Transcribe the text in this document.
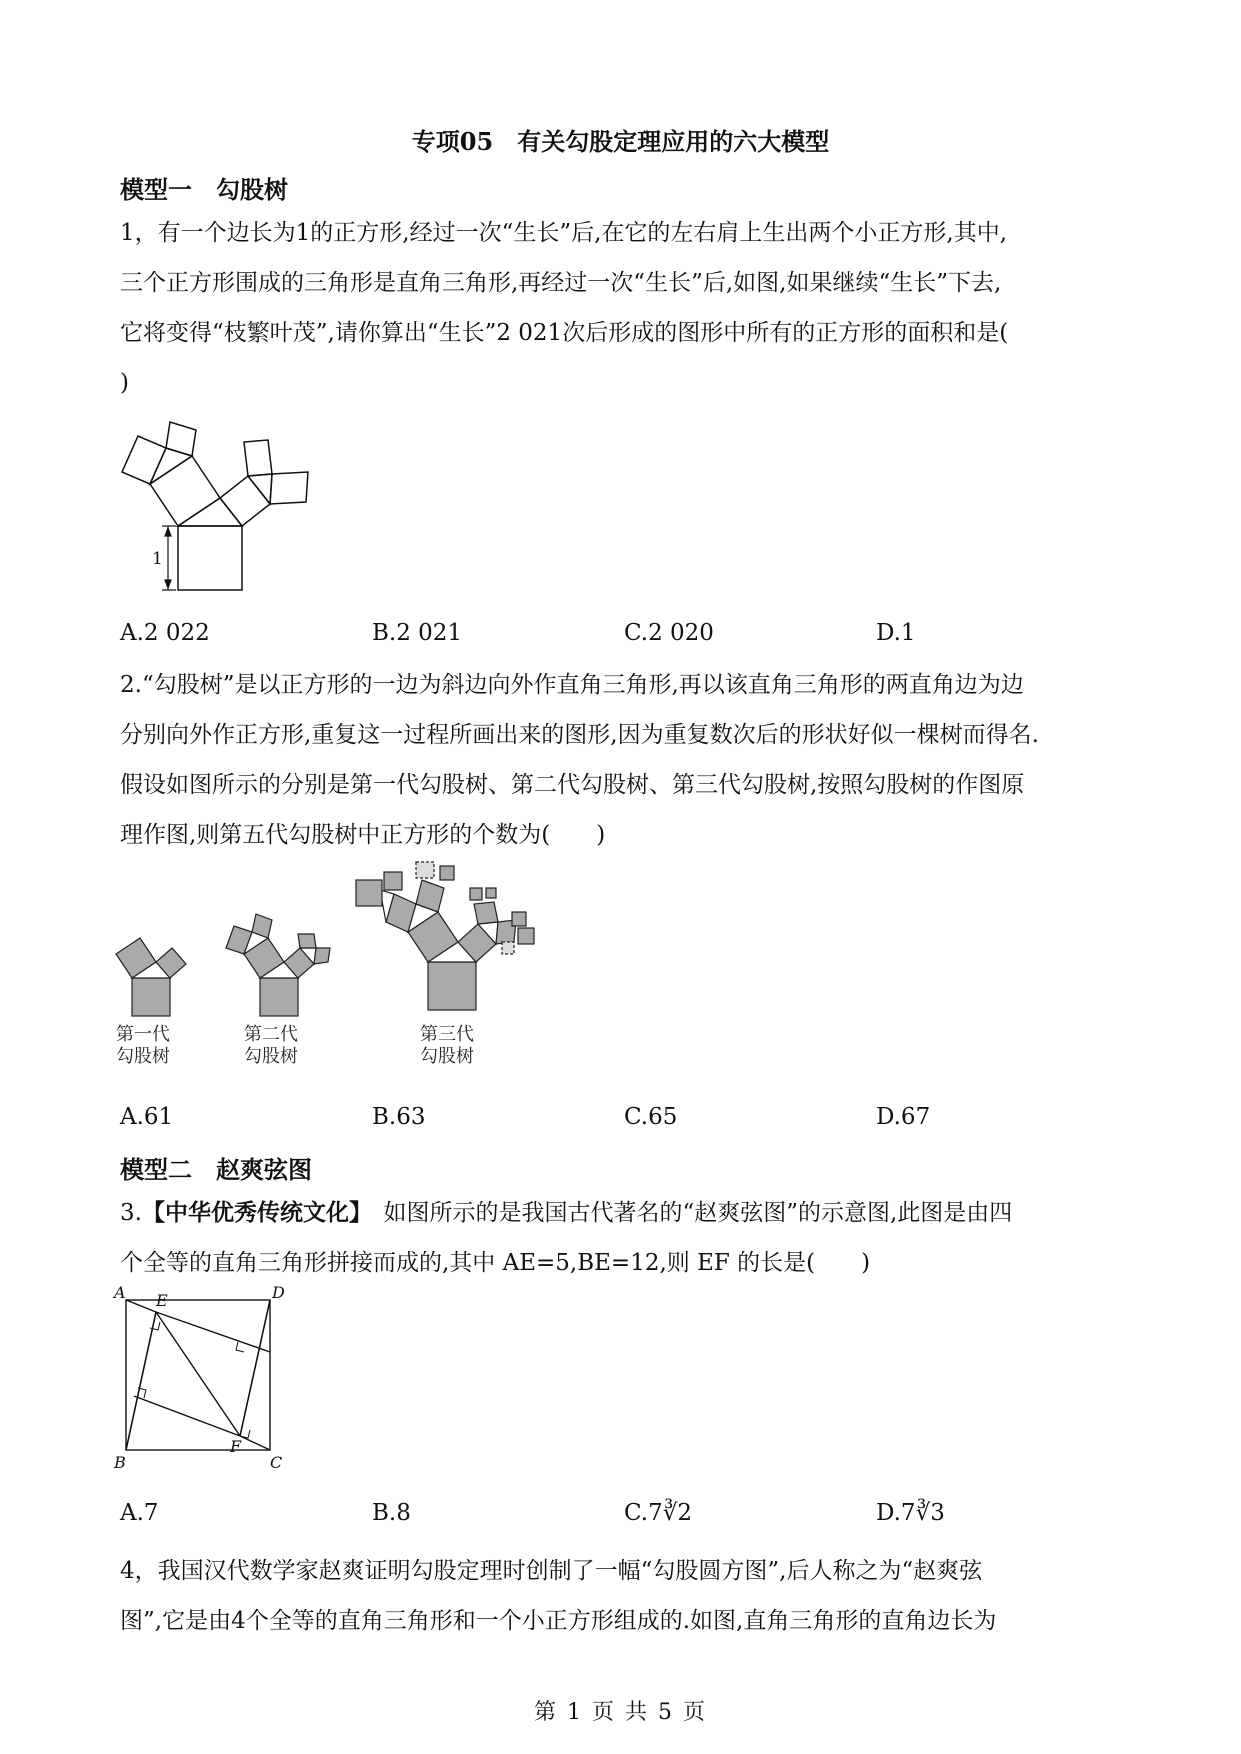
专项05　有关勾股定理应用的六大模型
模型一　勾股树
1，有一个边长为1的正方形,经过一次“生长”后,在它的左右肩上生出两个小正方形,其中,
三个正方形围成的三角形是直角三角形,再经过一次“生长”后,如图,如果继续“生长”下去,
它将变得“枝繁叶茂”,请你算出“生长”2 021次后形成的图形中所有的正方形的面积和是(
)
1
A.2 022	B.2 021	C.2 020	D.1
2.“勾股树”是以正方形的一边为斜边向外作直角三角形,再以该直角三角形的两直角边为边
分别向外作正方形,重复这一过程所画出来的图形,因为重复数次后的形状好似一棵树而得名.
假设如图所示的分别是第一代勾股树、第二代勾股树、第三代勾股树,按照勾股树的作图原
理作图,则第五代勾股树中正方形的个数为(　　)
第一代
勾股树
第二代
勾股树
第三代
勾股树
A.61	B.63	C.65	D.67
模型二　赵爽弦图
3.【中华优秀传统文化】　如图所示的是我国古代著名的“赵爽弦图”的示意图,此图是由四
个全等的直角三角形拼接而成的,其中 AE=5,BE=12,则 EF 的长是(　　)
A	D
E
B	C
F
A.7	B.8	C.7∛2	D.7∛3
4，我国汉代数学家赵爽证明勾股定理时创制了一幅“勾股圆方图”,后人称之为“赵爽弦
图”,它是由4个全等的直角三角形和一个小正方形组成的.如图,直角三角形的直角边长为
第 1 页 共 5 页
